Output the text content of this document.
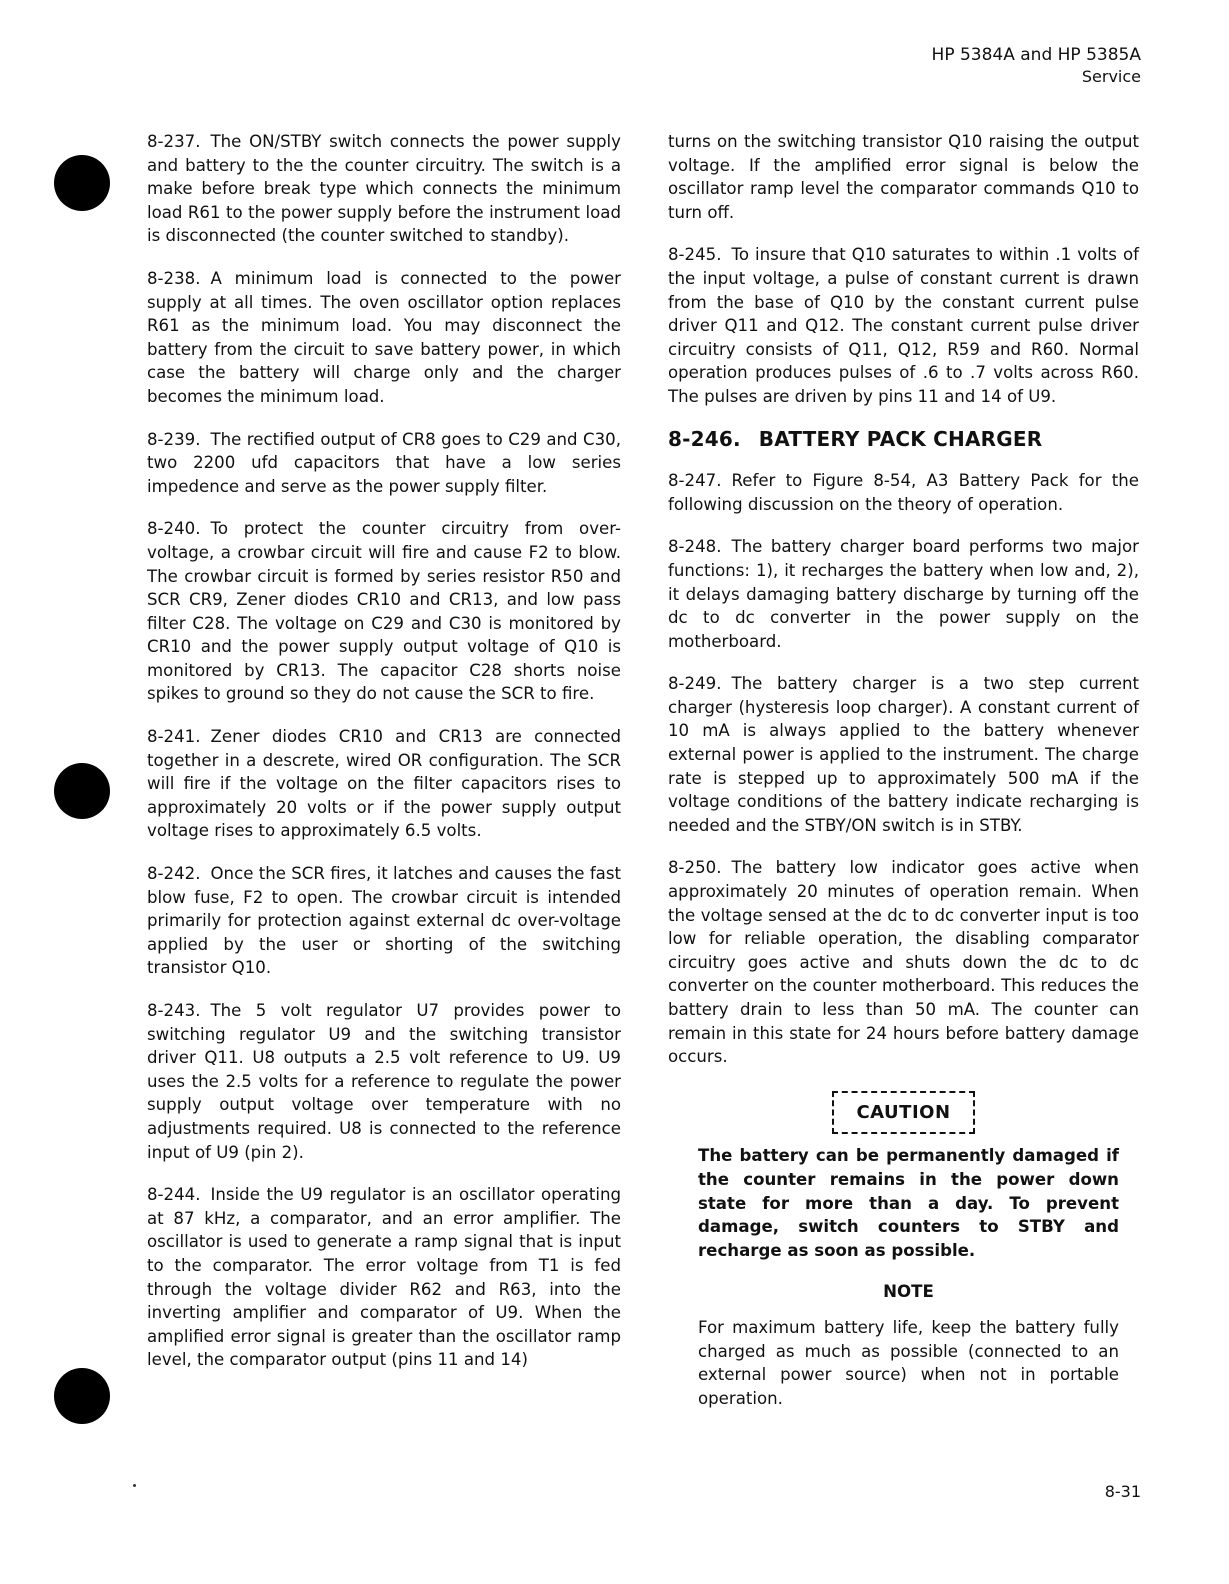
HP 5384A and HP 5385A
Service

8-237. The ON/STBY switch connects the power supply and battery to the the counter circuitry. The switch is a make before break type which connects the minimum load R61 to the power supply before the instrument load is disconnected (the counter switched to standby).

8-238. A minimum load is connected to the power supply at all times. The oven oscillator option replaces R61 as the minimum load. You may disconnect the battery from the circuit to save battery power, in which case the battery will charge only and the charger becomes the minimum load.

8-239. The rectified output of CR8 goes to C29 and C30, two 2200 ufd capacitors that have a low series impedence and serve as the power supply filter.

8-240. To protect the counter circuitry from over-voltage, a crowbar circuit will fire and cause F2 to blow. The crowbar circuit is formed by series resistor R50 and SCR CR9, Zener diodes CR10 and CR13, and low pass filter C28. The voltage on C29 and C30 is monitored by CR10 and the power supply output voltage of Q10 is monitored by CR13. The capacitor C28 shorts noise spikes to ground so they do not cause the SCR to fire.

8-241. Zener diodes CR10 and CR13 are connected together in a descrete, wired OR configuration. The SCR will fire if the voltage on the filter capacitors rises to approximately 20 volts or if the power supply output voltage rises to approximately 6.5 volts.

8-242. Once the SCR fires, it latches and causes the fast blow fuse, F2 to open. The crowbar circuit is intended primarily for protection against external dc over-voltage applied by the user or shorting of the switching transistor Q10.

8-243. The 5 volt regulator U7 provides power to switching regulator U9 and the switching transistor driver Q11. U8 outputs a 2.5 volt reference to U9. U9 uses the 2.5 volts for a reference to regulate the power supply output voltage over temperature with no adjustments required. U8 is connected to the reference input of U9 (pin 2).

8-244. Inside the U9 regulator is an oscillator operating at 87 kHz, a comparator, and an error amplifier. The oscillator is used to generate a ramp signal that is input to the comparator. The error voltage from T1 is fed through the voltage divider R62 and R63, into the inverting amplifier and comparator of U9. When the amplified error signal is greater than the oscillator ramp level, the comparator output (pins 11 and 14)

turns on the switching transistor Q10 raising the output voltage. If the amplified error signal is below the oscillator ramp level the comparator commands Q10 to turn off.

8-245. To insure that Q10 saturates to within .1 volts of the input voltage, a pulse of constant current is drawn from the base of Q10 by the constant current pulse driver Q11 and Q12. The constant current pulse driver circuitry consists of Q11, Q12, R59 and R60. Normal operation produces pulses of .6 to .7 volts across R60. The pulses are driven by pins 11 and 14 of U9.

8-246. BATTERY PACK CHARGER

8-247. Refer to Figure 8-54, A3 Battery Pack for the following discussion on the theory of operation.

8-248. The battery charger board performs two major functions: 1), it recharges the battery when low and, 2), it delays damaging battery discharge by turning off the dc to dc converter in the power supply on the motherboard.

8-249. The battery charger is a two step current charger (hysteresis loop charger). A constant current of 10 mA is always applied to the battery whenever external power is applied to the instrument. The charge rate is stepped up to approximately 500 mA if the voltage conditions of the battery indicate recharging is needed and the STBY/ON switch is in STBY.

8-250. The battery low indicator goes active when approximately 20 minutes of operation remain. When the voltage sensed at the dc to dc converter input is too low for reliable operation, the disabling comparator circuitry goes active and shuts down the dc to dc converter on the counter motherboard. This reduces the battery drain to less than 50 mA. The counter can remain in this state for 24 hours before battery damage occurs.

CAUTION

The battery can be permanently damaged if the counter remains in the power down state for more than a day. To prevent damage, switch counters to STBY and recharge as soon as possible.

NOTE

For maximum battery life, keep the battery fully charged as much as possible (connected to an external power source) when not in portable operation.

8-31
